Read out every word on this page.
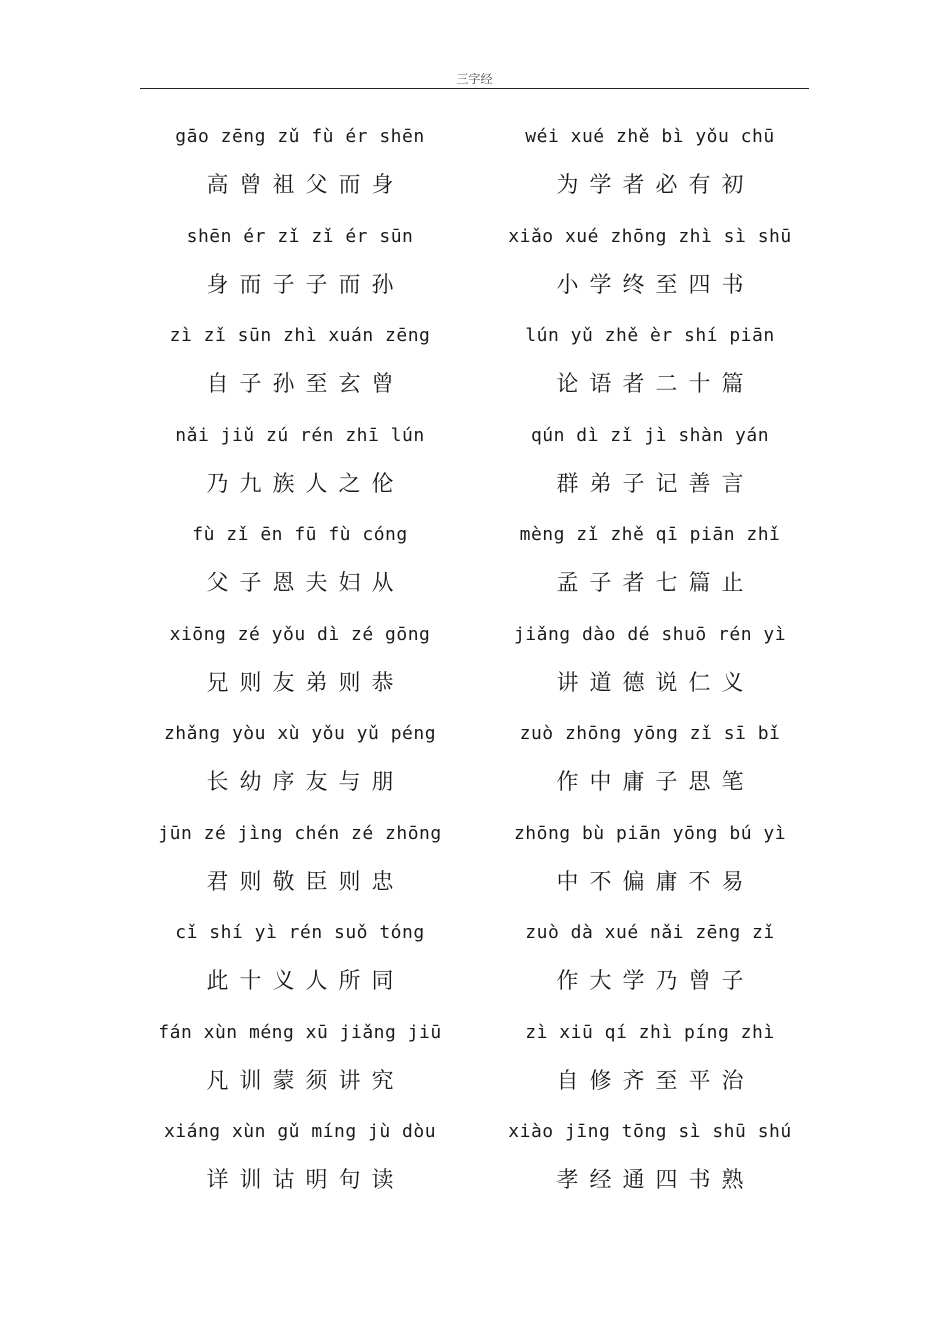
三字经
gāo zēng zǔ fù ér shēn
高曾祖父而身
shēn ér zǐ zǐ ér sūn
身而子子而孙
zì zǐ sūn zhì xuán zēng
自子孙至玄曾
nǎi jiǔ zú rén zhī lún
乃九族人之伦
fù zǐ ēn fū fù cóng
父子恩夫妇从
xiōng zé yǒu dì zé gōng
兄则友弟则恭
zhǎng yòu xù yǒu yǔ péng
长幼序友与朋
jūn zé jìng chén zé zhōng
君则敬臣则忠
cǐ shí yì rén suǒ tóng
此十义人所同
fán xùn méng xū jiǎng jiū
凡训蒙须讲究
xiáng xùn gǔ míng jù dòu
详训诂明句读
wéi xué zhě bì yǒu chū
为学者必有初
xiǎo xué zhōng zhì sì shū
小学终至四书
lún yǔ zhě èr shí piān
论语者二十篇
qún dì zǐ jì shàn yán
群弟子记善言
mèng zǐ zhě qī piān zhǐ
孟子者七篇止
jiǎng dào dé shuō rén yì
讲道德说仁义
zuò zhōng yōng zǐ sī bǐ
作中庸子思笔
zhōng bù piān yōng bú yì
中不偏庸不易
zuò dà xué nǎi zēng zǐ
作大学乃曾子
zì xiū qí zhì píng zhì
自修齐至平治
xiào jīng tōng sì shū shú
孝经通四书熟
